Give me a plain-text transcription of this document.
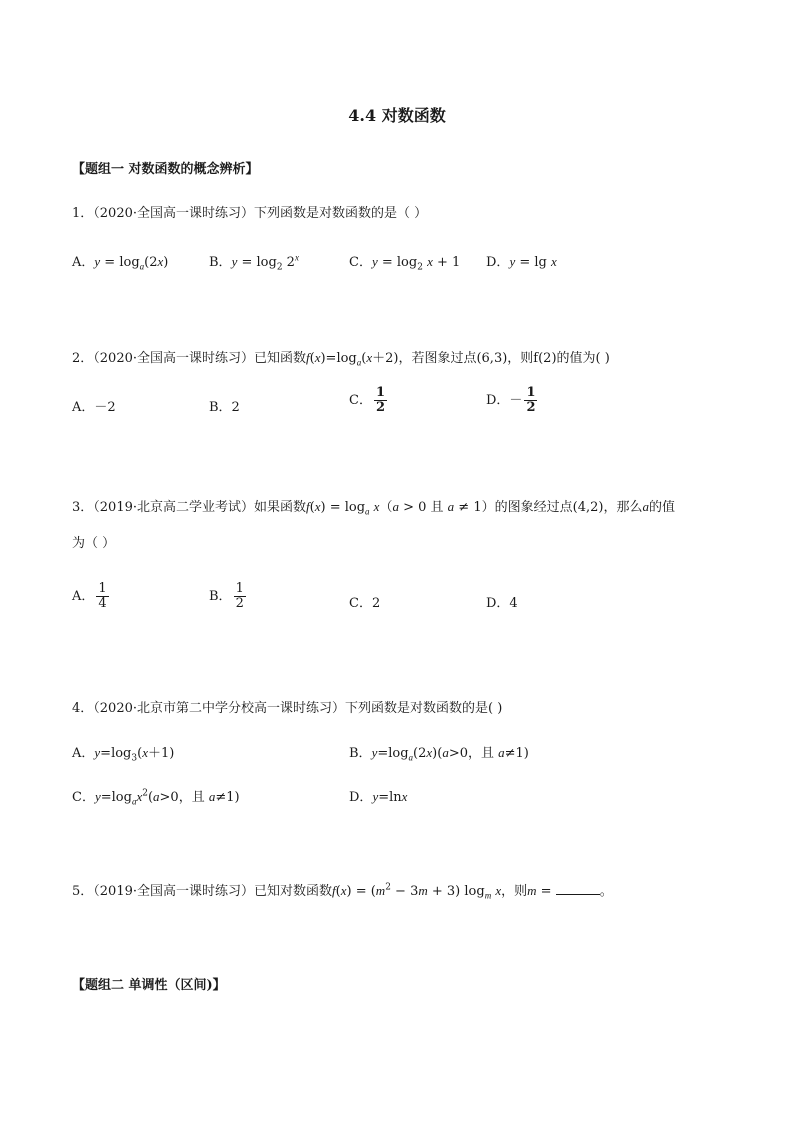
4.4 对数函数
【题组一 对数函数的概念辨析】
1．（2020·全国高一课时练习）下列函数是对数函数的是（ ）
A．$y = \log_a(2x)$	B．$y = \log_2 2^x$	C．$y = \log_2 x + 1$ D．y = lg x
2．（2020·全国高一课时练习）已知函数$f(x)=\log_a(x+2)$，若图象过点(6,3)，则f(2)的值为( )
A．－2	B．2	C． $\frac{1}{2}$	D．－ $\frac{1}{2}$
3．（2019·北京高二学业考试）如果函数$f(x) = \log_a x(a > 0$ 且 a ≠ 1）的图象经过点(4,2)，那么a的值
为（ ）
A． $\frac{1}{4}$	B． $\frac{1}{2}$	C．2	D．4
4．（2020·北京市第二中学分校高一课时练习）下列函数是对数函数的是( )
A．$y=\log_3(x+1)$	B．$y=\log_a(2x)(a>0$，且 a≠1)
C．$y=\log_ax^2(a>0$，且 a≠1)	D．y=lnx
5．（2019·全国高一课时练习）已知对数函数$f(x) = (m^2 - 3m + 3)$ $\log_m x$，则m =	。
【题组二 单调性（区间)】
